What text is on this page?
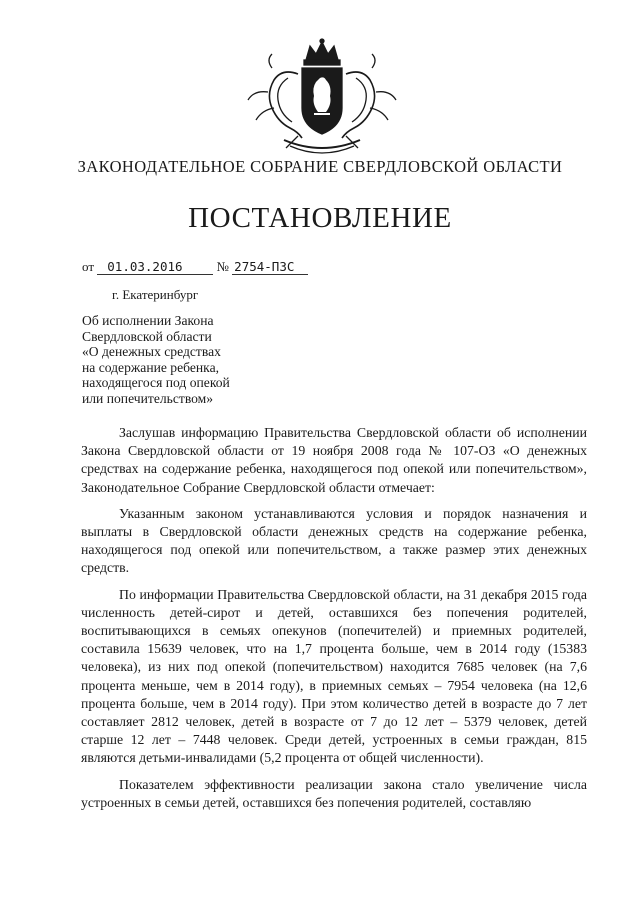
ЗАКОНОДАТЕЛЬНОЕ СОБРАНИЕ СВЕРДЛОВСКОЙ ОБЛАСТИ
ПОСТАНОВЛЕНИЕ
от 01.03.2016	№ 2754-ПЗС
г. Екатеринбург
Об исполнении Закона
Свердловской области
«О денежных средствах
на содержание ребенка,
находящегося под опекой
или попечительством»

Заслушав информацию Правительства Свердловской области об исполнении Закона Свердловской области от 19 ноября 2008 года № 107-ОЗ «О денежных средствах на содержание ребенка, находящегося под опекой или попечительством», Законодательное Собрание Свердловской области отмечает:

Указанным законом устанавливаются условия и порядок назначения и выплаты в Свердловской области денежных средств на содержание ребенка, находящегося под опекой или попечительством, а также размер этих денежных средств.

По информации Правительства Свердловской области, на 31 декабря 2015 года численность детей-сирот и детей, оставшихся без попечения родителей, воспитывающихся в семьях опекунов (попечителей) и приемных родителей, составила 15639 человек, что на 1,7 процента больше, чем в 2014 году (15383 человека), из них под опекой (попечительством) находится 7685 человек (на 7,6 процента меньше, чем в 2014 году), в приемных семьях – 7954 человека (на 12,6 процента больше, чем в 2014 году). При этом количество детей в возрасте до 7 лет составляет 2812 человек, детей в возрасте от 7 до 12 лет – 5379 человек, детей старше 12 лет – 7448 человек. Среди детей, устроенных в семьи граждан, 815 являются детьми-инвалидами (5,2 процента от общей численности).

Показателем эффективности реализации закона стало увеличение числа устроенных в семьи детей, оставшихся без попечения родителей, составляю
